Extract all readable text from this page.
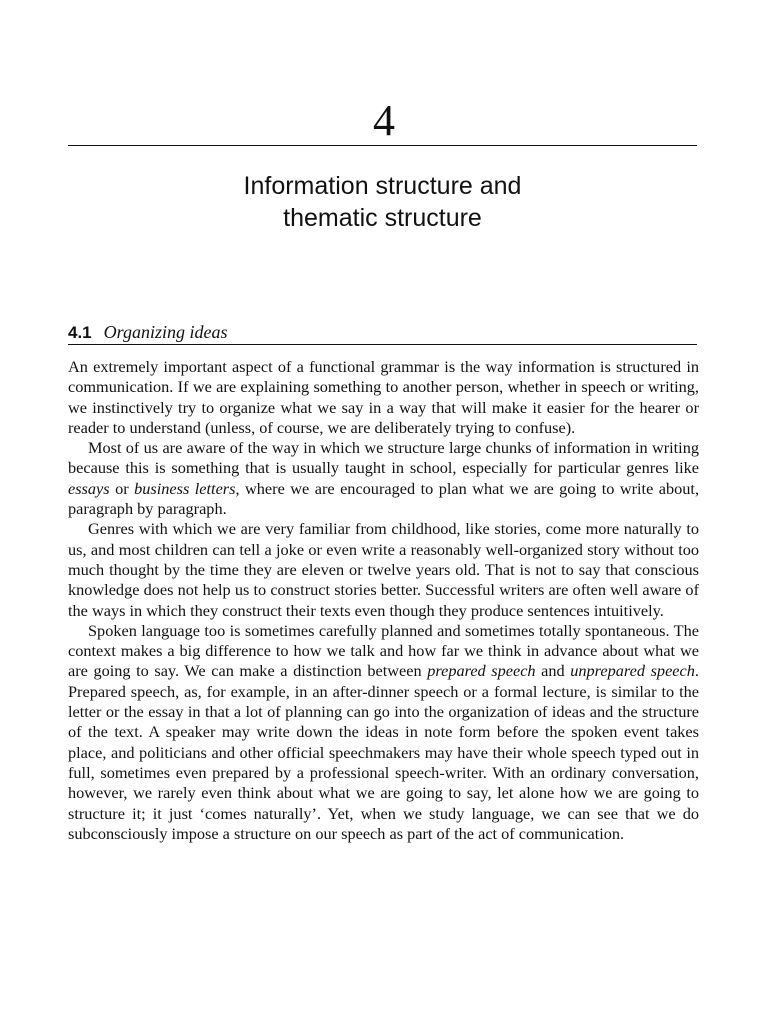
4
Information structure and
thematic structure
4.1 Organizing ideas

An extremely important aspect of a functional grammar is the way information is structured in communication. If we are explaining something to another person, whether in speech or writing, we instinctively try to organize what we say in a way that will make it easier for the hearer or reader to understand (unless, of course, we are deliberately trying to confuse).

Most of us are aware of the way in which we structure large chunks of information in writing because this is something that is usually taught in school, especially for particular genres like essays or business letters, where we are encouraged to plan what we are going to write about, paragraph by paragraph.

Genres with which we are very familiar from childhood, like stories, come more naturally to us, and most children can tell a joke or even write a reasonably well-organized story without too much thought by the time they are eleven or twelve years old. That is not to say that conscious knowledge does not help us to construct stories better. Successful writers are often well aware of the ways in which they construct their texts even though they produce sentences intuitively.

Spoken language too is sometimes carefully planned and sometimes totally spontaneous. The context makes a big difference to how we talk and how far we think in advance about what we are going to say. We can make a distinction between prepared speech and unprepared speech. Prepared speech, as, for example, in an after-dinner speech or a formal lecture, is similar to the letter or the essay in that a lot of planning can go into the organization of ideas and the structure of the text. A speaker may write down the ideas in note form before the spoken event takes place, and politicians and other official speechmakers may have their whole speech typed out in full, sometimes even prepared by a professional speech-writer. With an ordinary conversation, however, we rarely even think about what we are going to say, let alone how we are going to structure it; it just ‘comes naturally’. Yet, when we study language, we can see that we do subconsciously impose a structure on our speech as part of the act of communication.
